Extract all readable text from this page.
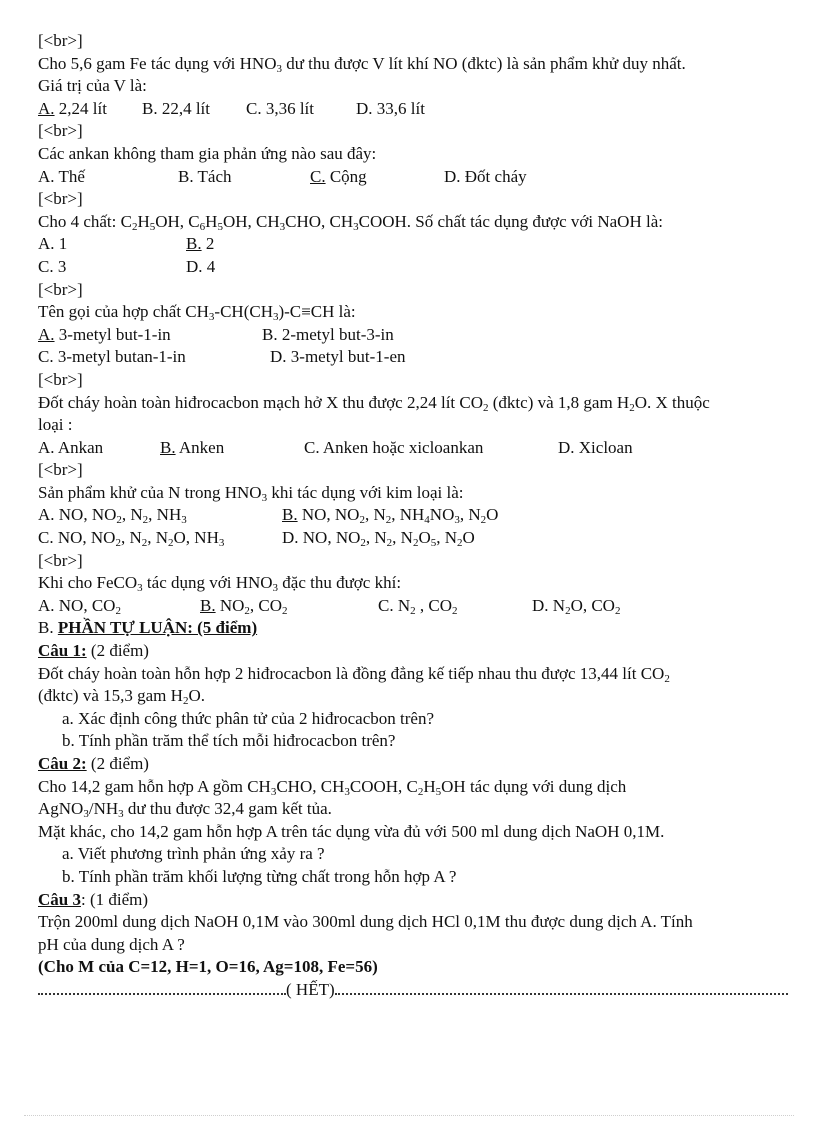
[<br>]
Cho 5,6 gam Fe tác dụng với $HNO_3$ dư thu được V lít khí NO (đktc) là sản phẩm khử duy nhất.
Giá trị của V là:
A. 2,24 lít	B. 22,4 lít	C. 3,36 lít	D. 33,6 lít
[<br>]
Các ankan không tham gia phản ứng nào sau đây:
A. Thế	B. Tách	C. Cộng	D. Đốt cháy
[<br>]
Cho 4 chất: $C_2H_5OH$, $C_6H_5OH$, $CH_3CHO$, $CH_3COOH$. Số chất tác dụng được với NaOH là:
A. 1	B. 2
C. 3	D. 4
[<br>]
Tên gọi của hợp chất $CH_3-CH(CH_3)-C\equiv CH$ là:
A. 3-metyl but-1-in	B. 2-metyl but-3-in
C. 3-metyl butan-1-in	D. 3-metyl but-1-en
[<br>]
Đốt cháy hoàn toàn hiđrocacbon mạch hở X thu được 2,24 lít $CO_2$ (đktc) và 1,8 gam $H_2O$. X thuộc
loại :
A. Ankan	B. Anken	C. Anken hoặc xicloankan	D. Xicloan
[<br>]
Sản phẩm khử của N trong $HNO_3$ khi tác dụng với kim loại là:
A. NO, $NO_2$, $N_2$, $NH_3$	B. NO, $NO_2$, $N_2$, $NH_4NO_3$, $N_2O$
C. NO, $NO_2$, $N_2$, $N_2O$, $NH_3$	D. NO, $NO_2$, $N_2$, $N_2O_5$, $N_2O$
[<br>]
Khi cho FeCO$_3$ tác dụng với $HNO_3$ đặc thu được khí:
A. NO, $CO_2$	B. $NO_2$, $CO_2$	C. $N_2$ , $CO_2$	D. $N_2O$, $CO_2$
B. PHẦN TỰ LUẬN: (5 điểm)
Câu 1: (2 điểm)
Đốt cháy hoàn toàn hỗn hợp 2 hiđrocacbon là đồng đẳng kế tiếp nhau thu được 13,44 lít $CO_2$
(đktc) và 15,3 gam $H_2O$.
a. Xác định công thức phân tử của 2 hiđrocacbon trên?
b. Tính phần trăm thể tích mỗi hiđrocacbon trên?
Câu 2: (2 điểm)
Cho 14,2 gam hỗn hợp A gồm $CH_3CHO$, $CH_3COOH$, $C_2H_5OH$ tác dụng với dung dịch
$AgNO_3/NH_3$ dư thu được 32,4 gam kết tủa.
Mặt khác, cho 14,2 gam hỗn hợp A trên tác dụng vừa đủ với 500 ml dung dịch NaOH 0,1M.
a. Viết phương trình phản ứng xảy ra ?
b. Tính phần trăm khối lượng từng chất trong hỗn hợp A ?
Câu 3: (1 điểm)
Trộn 200ml dung dịch NaOH 0,1M vào 300ml dung dịch HCl 0,1M thu được dung dịch A. Tính
pH của dung dịch A ?
(Cho M của C=12, H=1, O=16, Ag=108, Fe=56)
( HẾT)
